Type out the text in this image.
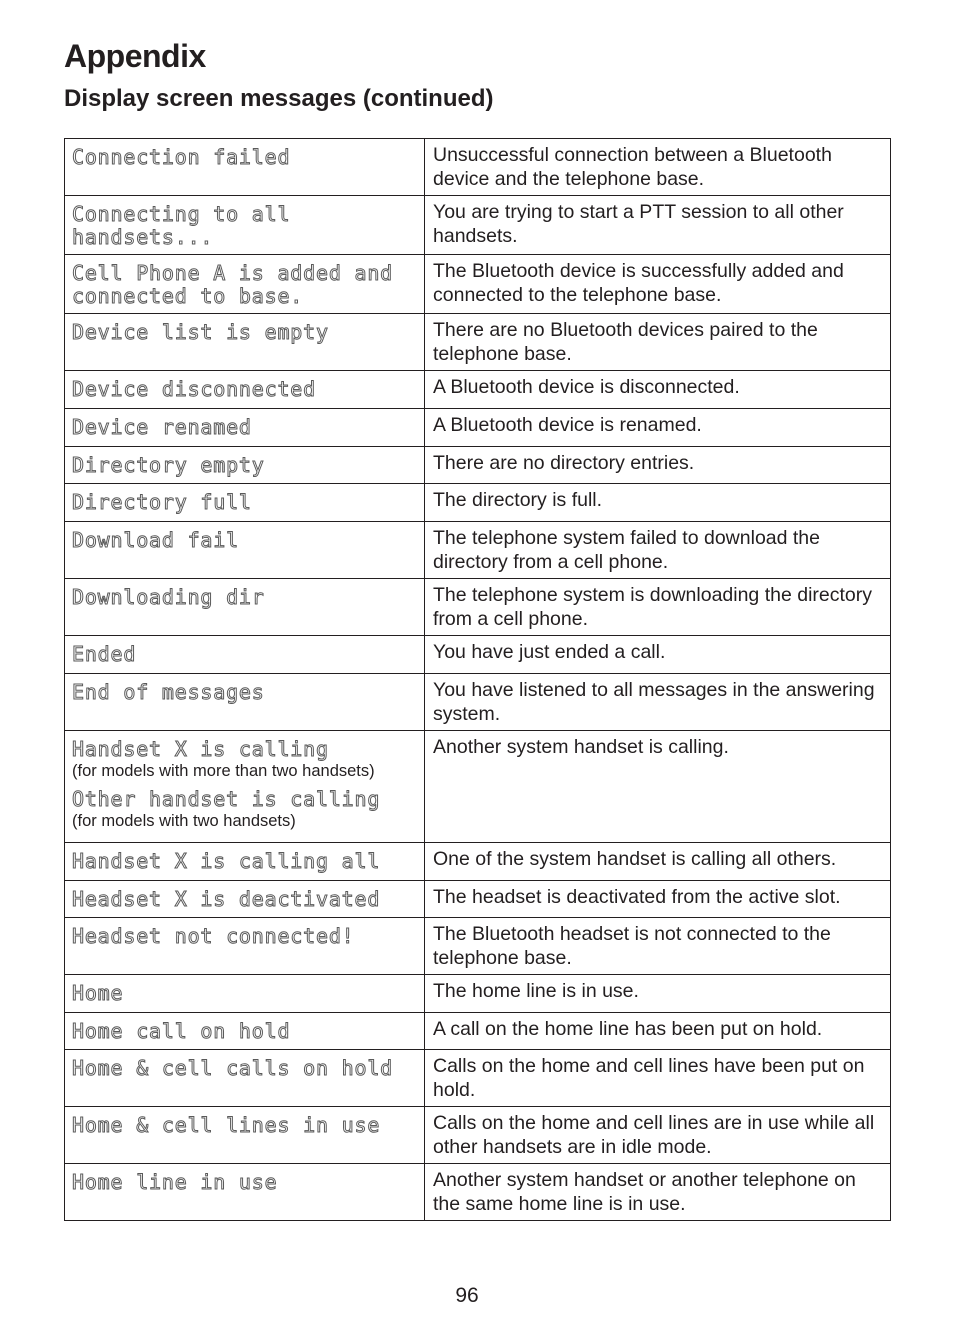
Appendix
Display screen messages (continued)
Connection failed	Unsuccessful connection between a Bluetooth device and the telephone base.

Connecting to all handsets...	You are trying to start a PTT session to all other handsets.

Cell Phone A is added and connected to base.	The Bluetooth device is successfully added and connected to the telephone base.

Device list is empty	There are no Bluetooth devices paired to the telephone base.

Device disconnected	A Bluetooth device is disconnected.

Device renamed	A Bluetooth device is renamed.

Directory empty	There are no directory entries.

Directory full	The directory is full.

Download fail	The telephone system failed to download the directory from a cell phone.

Downloading dir	The telephone system is downloading the directory from a cell phone.

Ended	You have just ended a call.

End of messages	You have listened to all messages in the answering system.

Handset X is calling
(for models with more than two handsets)
Other handset is calling
(for models with two handsets)	Another system handset is calling.

Handset X is calling all	One of the system handset is calling all others.

Headset X is deactivated	The headset is deactivated from the active slot.

Headset not connected!	The Bluetooth headset is not connected to the telephone base.

Home	The home line is in use.

Home call on hold	A call on the home line has been put on hold.

Home & cell calls on hold	Calls on the home and cell lines have been put on hold.

Home & cell lines in use	Calls on the home and cell lines are in use while all other handsets are in idle mode.

Home line in use	Another system handset or another telephone on the same home line is in use.
96
